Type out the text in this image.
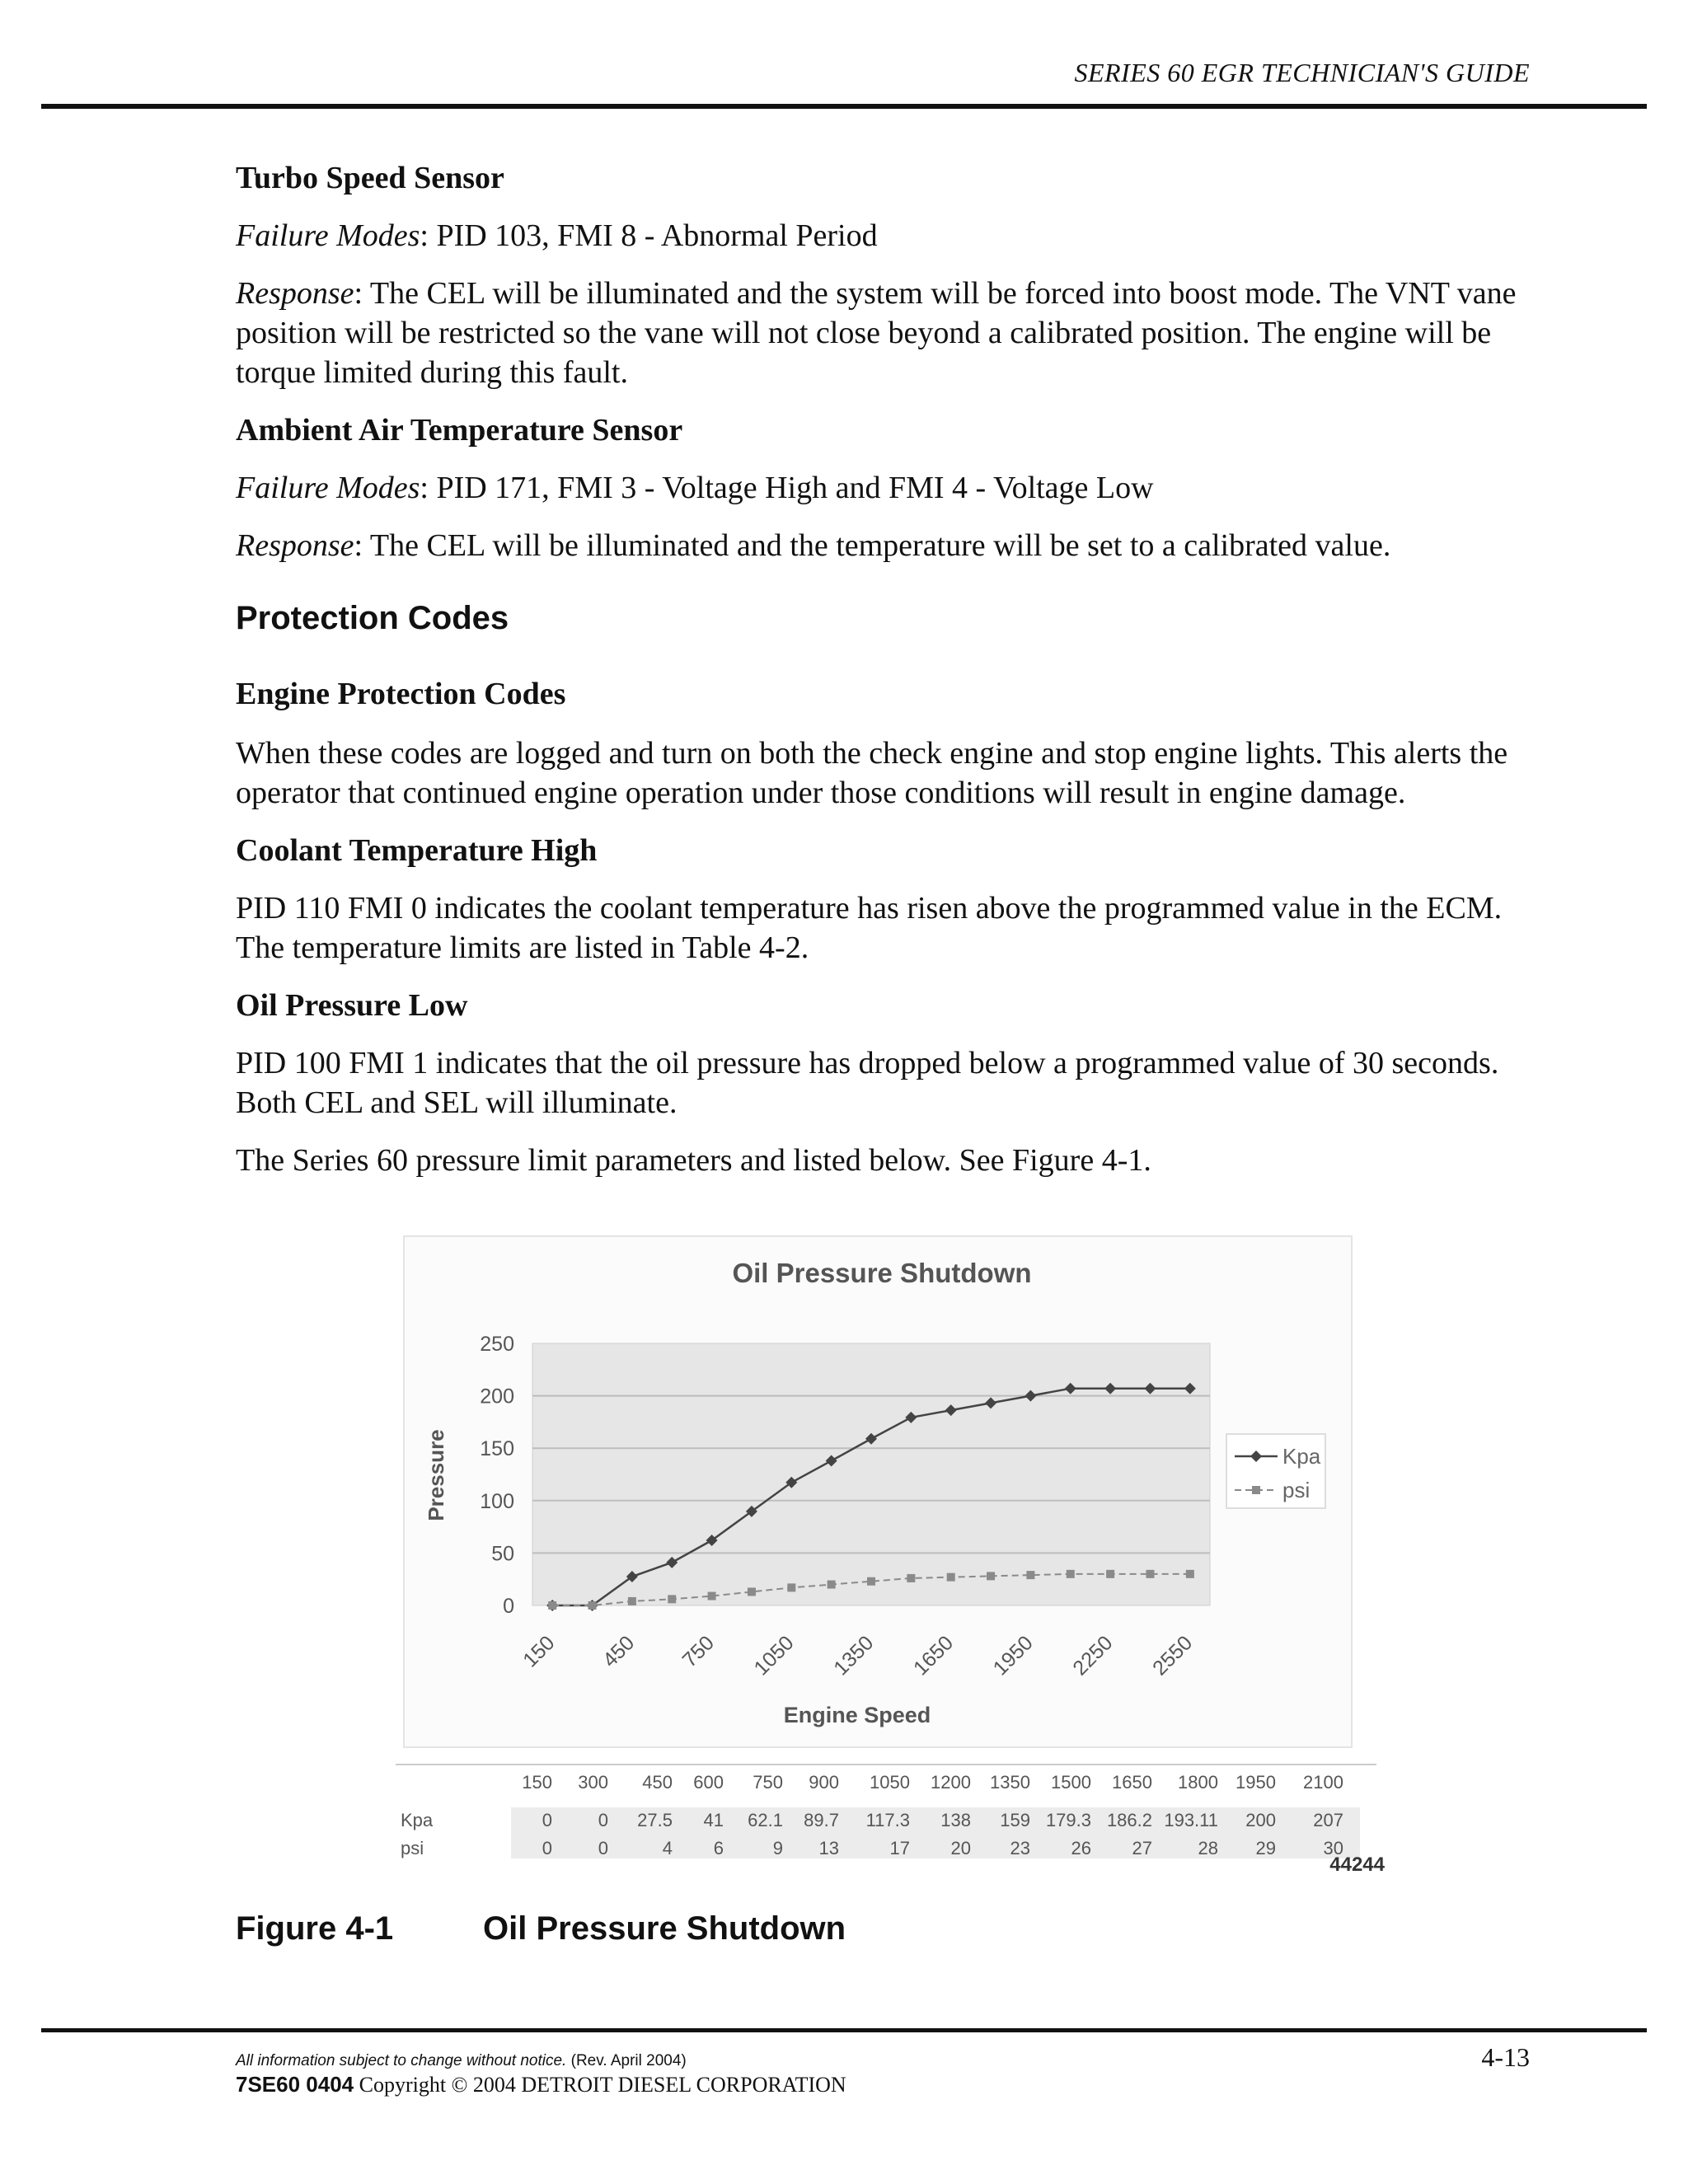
SERIES 60 EGR TECHNICIAN'S GUIDE

Turbo Speed Sensor

Failure Modes: PID 103, FMI 8 - Abnormal Period

Response: The CEL will be illuminated and the system will be forced into boost mode. The VNT vane position will be restricted so the vane will not close beyond a calibrated position. The engine will be torque limited during this fault.

Ambient Air Temperature Sensor

Failure Modes: PID 171, FMI 3 - Voltage High and FMI 4 - Voltage Low

Response: The CEL will be illuminated and the temperature will be set to a calibrated value.

Protection Codes

Engine Protection Codes

When these codes are logged and turn on both the check engine and stop engine lights. This alerts the operator that continued engine operation under those conditions will result in engine damage.

Coolant Temperature High

PID 110 FMI 0 indicates the coolant temperature has risen above the programmed value in the ECM. The temperature limits are listed in Table 4-2.

Oil Pressure Low

PID 100 FMI 1 indicates that the oil pressure has dropped below a programmed value of 30 seconds. Both CEL and SEL will illuminate.

The Series 60 pressure limit parameters and listed below. See Figure 4-1.

Oil Pressure Shutdown
0
50
100
150
200
250
150 450 750 1050 1350 1650 1950 2250 2550
Pressure
Engine Speed
Kpa
psi
150 300 450 600 750 900 1050 1200 1350 1500 1650 1800 1950 2100
Kpa	0	0 27.5 41 62.1 89.7 117.3 138 159 179.3 186.2 193.11 200 207
psi	0	0	4 6	9 13	17 20 23 26 27	28 29	30
44244
Figure 4-1	Oil Pressure Shutdown
All information subject to change without notice. (Rev. April 2004)
7SE60 0404 Copyright © 2004 DETROIT DIESEL CORPORATION
4-13
